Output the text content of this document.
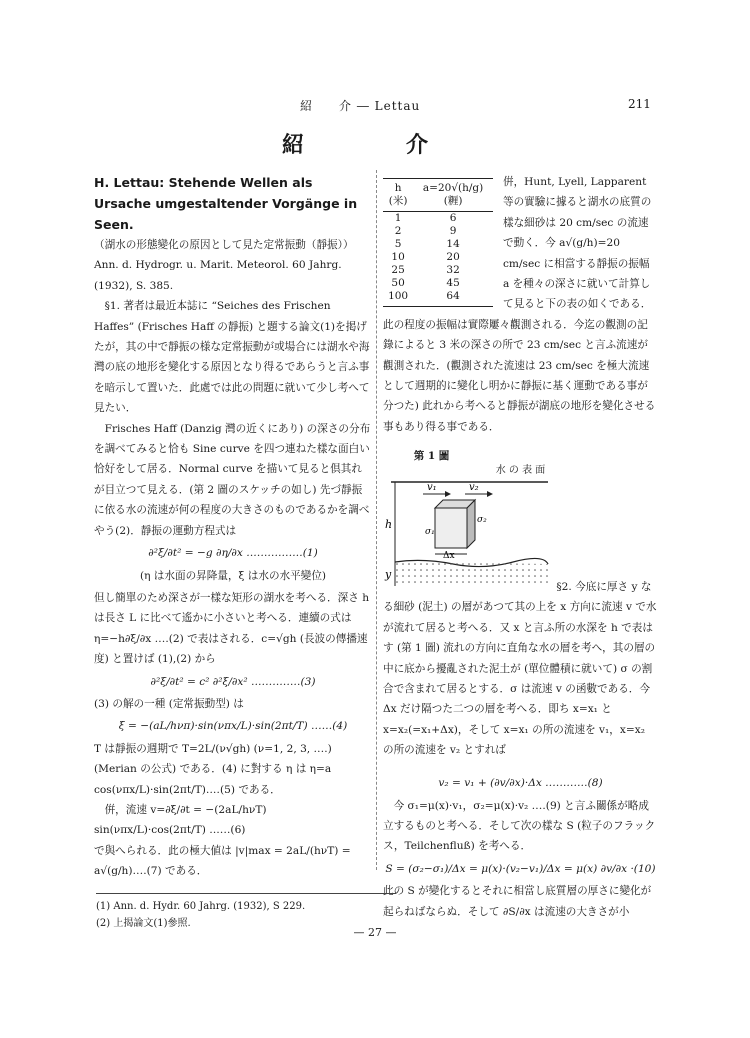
紹　　介 ― Lettau	211
紹　介
H. Lettau: Stehende Wellen als Ursache umgestaltender Vorgänge in Seen.

（湖水の形態變化の原因として見た定常振動（靜振））Ann. d. Hydrogr. u. Marit. Meteorol. 60 Jahrg. (1932), S. 385.

§1. 著者は最近本誌に “Seiches des Frischen Haffes” (Frisches Haff の靜振) と題する論文(1)を掲げたが，其の中で靜振の様な定常振動が或場合には湖水や海灣の底の地形を變化する原因となり得るであらうと言ふ事を暗示して置いた．此處では此の問題に就いて少し考へて見たい．

Frisches Haff (Danzig 灣の近くにあり) の深さの分布を調べてみると恰も Sine curve を四つ連ねた樣な面白い恰好をして居る．Normal curve を描いて見ると倶其れが目立つて見える．(第 2 圖のスケッチの如し) 先づ靜振に依る水の流速が何の程度の大きさのものであるかを調べやう(2)．靜振の運動方程式は

∂²ξ/∂t² = −g ∂η/∂x ‥‥‥‥‥‥‥‥(1)
(η は水面の昇降量，ξ は水の水平變位)

但し簡單のため深さが一樣な矩形の湖水を考へる．深さ h は長さ L に比べて遙かに小さいと考へる．連續の式は η=−h∂ξ/∂x ‥‥(2) で表はされる．c=√gh (長波の傳播速度) と置けば (1),(2) から

∂²ξ/∂t² = c² ∂²ξ/∂x² ‥‥‥‥‥‥‥(3)

(3) の解の一種 (定常振動型) は

ξ = −(aL/hνπ)·sin(νπx/L)·sin(2πt/T) ‥‥‥(4)

T は靜振の週期で T=2L/(ν√gh) (ν=1, 2, 3, ‥‥) (Merian の公式) である．(4) に對する η は η=a cos(νπx/L)·sin(2πt/T)‥‥(5) である．

倂，流速 v=∂ξ/∂t = −(2aL/hνT) sin(νπx/L)·cos(2πt/T) ‥‥‥(6)

で與へられる．此の極大値は |v|max = 2aL/(hνT) = a√(g/h)‥‥(7) である．

h (米)	a=20√(h/g) (糎)
1	6
2	9
5	14
10	20
25	32
50	45
100	64
倂，Hunt, Lyell, Lapparent 等の實驗に據ると湖水の底質の樣な細砂は 20 cm/sec の流速で動く．今 a√(g/h)=20 cm/sec に相當する靜振の振幅 a を種々の深さに就いて計算して見ると下の表の如くである．此の程度の振幅は實際屢々觀測される．今迄の觀測の記錄によると 3 米の深さの所で 23 cm/sec と言ふ流速が觀測された．(觀測された流速は 23 cm/sec を極大流速として週期的に變化し明かに靜振に基く運動である事が分つた) 此れから考へると靜振が湖底の地形を變化させる事もあり得る事である．

第 1 圖
水 の 表 面
v₁	v₂
σ₁
σ₂
h
Δx
y
§2. 今底に厚さ y なる細砂 (泥土) の層があつて其の上を x 方向に流速 v で水が流れて居ると考へる．又 x と言ふ所の水深を h で表はす (第 1 圖) 流れの方向に直角な水の層を考へ，其の層の中に底から擾亂された泥土が (單位體積に就いて) σ の割合で含まれて居るとする．σ は流速 v の函數である．今 Δx だけ隔つた二つの層を考へる．即ち x=x₁ と x=x₂(=x₁+Δx)，そして x=x₁ の所の流速を v₁，x=x₂ の所の流速を v₂ とすれば

v₂ = v₁ + (∂v/∂x)·Δx ‥‥‥‥‥‥(8)

今 σ₁=μ(x)·v₁，σ₂=μ(x)·v₂ ‥‥(9) と言ふ關係が略成立するものと考へる．そして次の樣な S (粒子のフラックス，Teilchenfluß) を考へる．

S = (σ₂−σ₁)/Δx = μ(x)·(v₂−v₁)/Δx = μ(x) ∂v/∂x ·(10)

此の S が變化するとそれに相當し底質層の厚さに變化が起らねばならぬ．そして ∂S/∂x は流速の大きさが小

(1) Ann. d. Hydr. 60 Jahrg. (1932), S 229.
(2) 上揭論文(1)參照.
— 27 —
